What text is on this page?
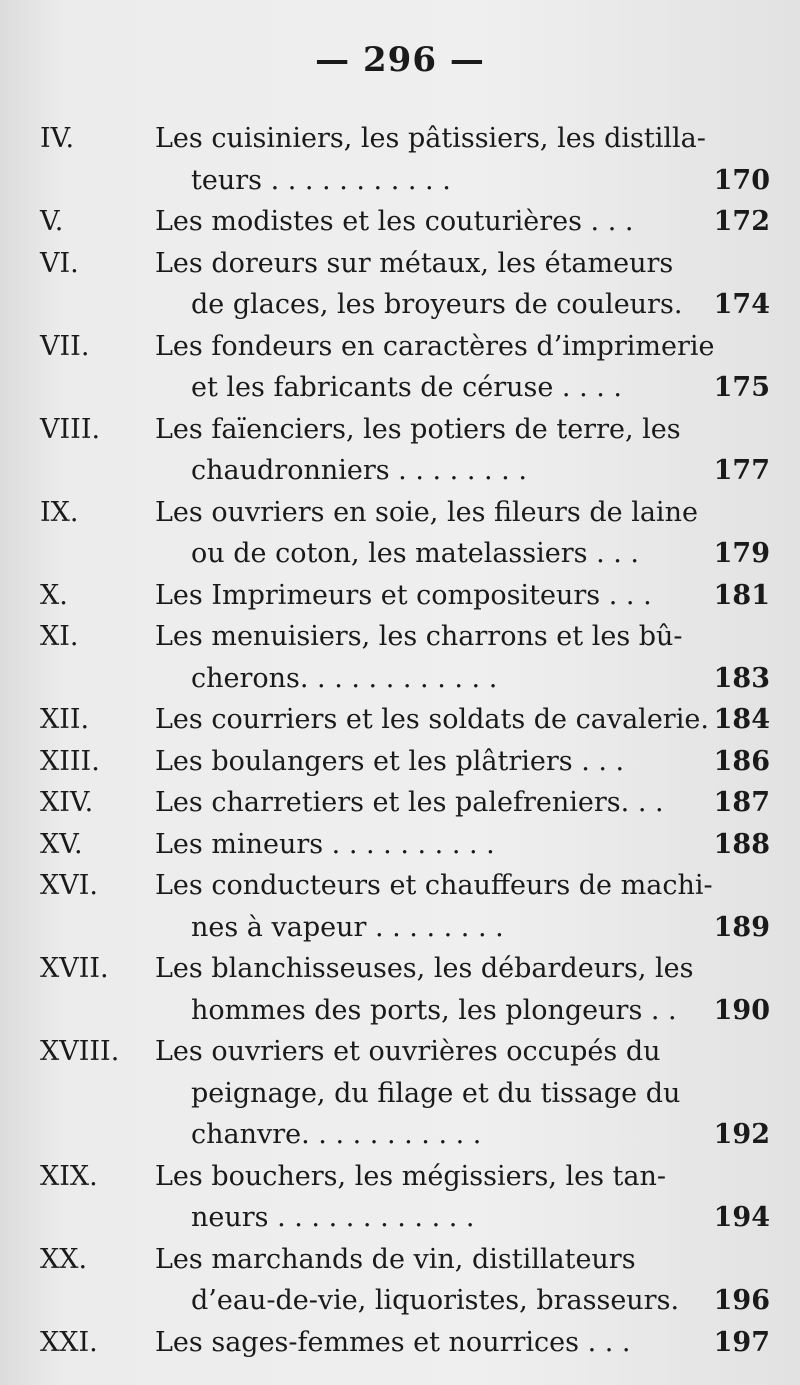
— 296 —
IV.	Les cuisiniers, les pâtissiers, les distilla-
teurs . . . . . . . . . . .	170
V.	Les modistes et les couturières . . .	172
VI.	Les doreurs sur métaux, les étameurs
de glaces, les broyeurs de couleurs. 174
VII.	Les fondeurs en caractères d’imprimerie
et les fabricants de céruse . . . .	175
VIII.	Les faïenciers, les potiers de terre, les
chaudronniers . . . . . . . .	177
IX.	Les ouvriers en soie, les fileurs de laine
ou de coton, les matelassiers . . .	179
X.	Les Imprimeurs et compositeurs . . . 181
XI.	Les menuisiers, les charrons et les bû-
cherons. . . . . . . . . . . .	183
XII.	Les courriers et les soldats de cavalerie. 184
XIII.	Les boulangers et les plâtriers . . .	186
XIV.	Les charretiers et les palefreniers. . . 187
XV.	Les mineurs . . . . . . . . . .	188
XVI.	Les conducteurs et chauffeurs de machi-
nes à vapeur . . . . . . . .	189
XVII.	Les blanchisseuses, les débardeurs, les
hommes des ports, les plongeurs . . 190
XVIII.	Les ouvriers et ouvrières occupés du
peignage, du filage et du tissage du
chanvre. . . . . . . . . . .	192
XIX.	Les bouchers, les mégissiers, les tan-
neurs . . . . . . . . . . . .	194
XX.	Les marchands de vin, distillateurs
d’eau-de-vie, liquoristes, brasseurs. 196
XXI.	Les sages-femmes et nourrices . . .	197
